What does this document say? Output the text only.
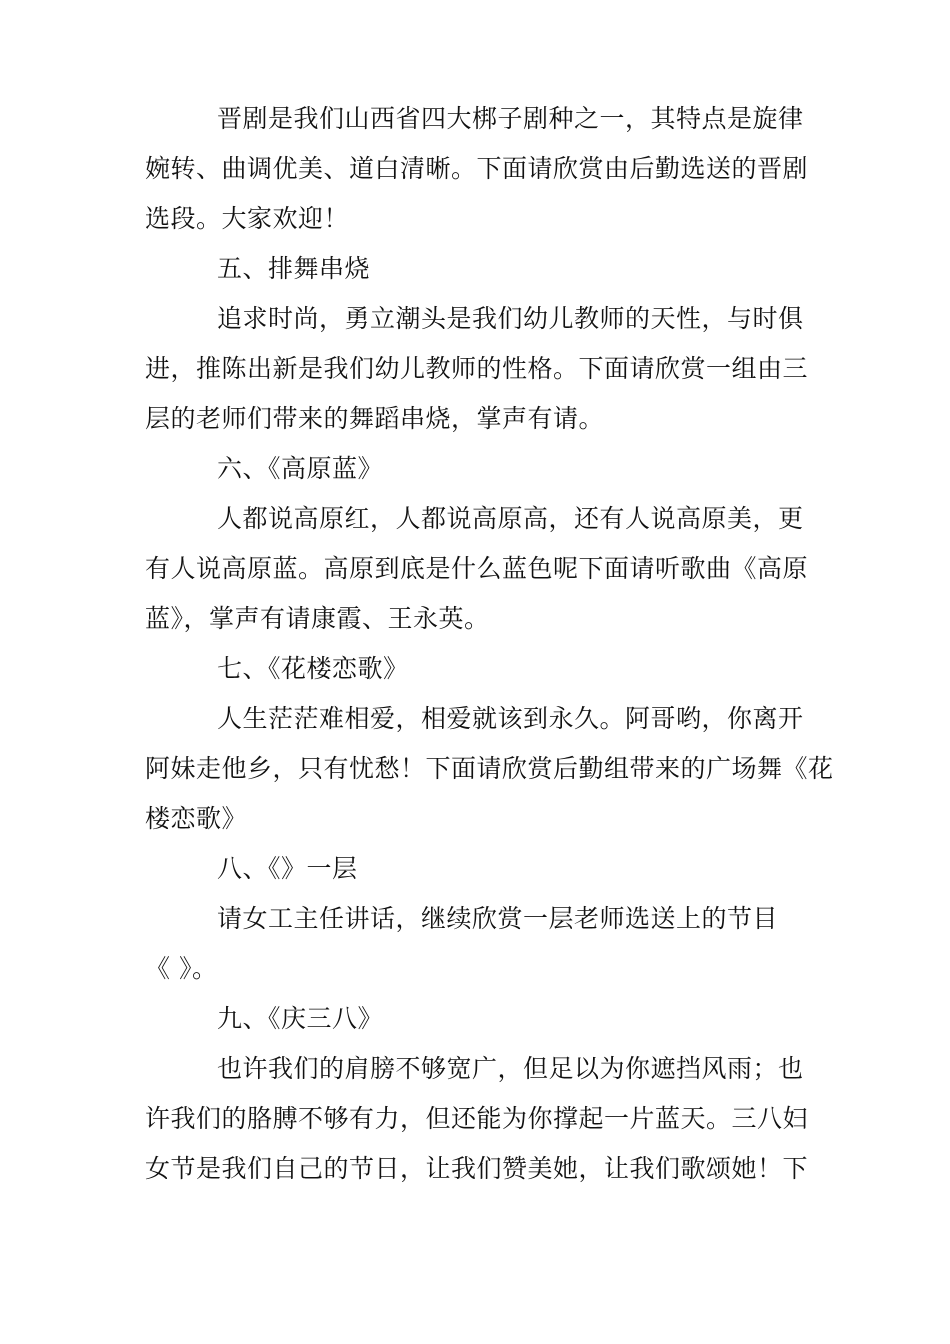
晋剧是我们山西省四大梆子剧种之一，其特点是旋律
婉转、曲调优美、道白清晰。下面请欣赏由后勤选送的晋剧
选段。大家欢迎！
五、排舞串烧
追求时尚，勇立潮头是我们幼儿教师的天性，与时俱
进，推陈出新是我们幼儿教师的性格。下面请欣赏一组由三
层的老师们带来的舞蹈串烧，掌声有请。
六、《高原蓝》
人都说高原红，人都说高原高，还有人说高原美，更
有人说高原蓝。高原到底是什么蓝色呢下面请听歌曲《高原
蓝》，掌声有请康霞、王永英。
七、《花楼恋歌》
人生茫茫难相爱，相爱就该到永久。阿哥哟，你离开
阿妹走他乡，只有忧愁！下面请欣赏后勤组带来的广场舞《花
楼恋歌》
八、《》一层
请女工主任讲话，继续欣赏一层老师选送上的节目
《 》。
九、《庆三八》
也许我们的肩膀不够宽广，但足以为你遮挡风雨；也
许我们的胳膊不够有力，但还能为你撑起一片蓝天。三八妇
女节是我们自己的节日，让我们赞美她，让我们歌颂她！下
